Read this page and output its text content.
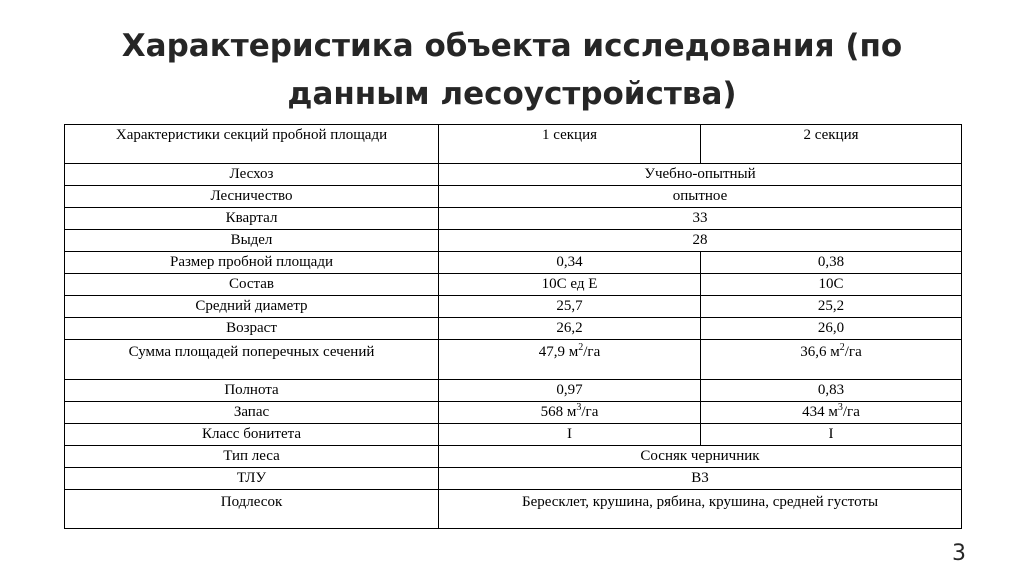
Характеристика объекта исследования (по
данным лесоустройства)
Характеристики секций пробной площади	1 секция	2 секция
Лесхоз	Учебно-опытный	
Лесничество	опытное	
Квартал	33	
Выдел	28	
Размер пробной площади	0,34	0,38
Состав	10С ед Е	10С
Средний диаметр	25,7	25,2
Возраст	26,2	26,0
Сумма площадей поперечных сечений	47,9 $м^2/га$	36,6 $м^2/га$
Полнота	0,97	0,83
Запас	568 $м^3/га$	434 $м^3/га$
Класс бонитета	I	I
Тип леса	Сосняк черничник	
ТЛУ	В3	
Подлесок	Бересклет, крушина, рябина, крушина, средней густоты	
3
